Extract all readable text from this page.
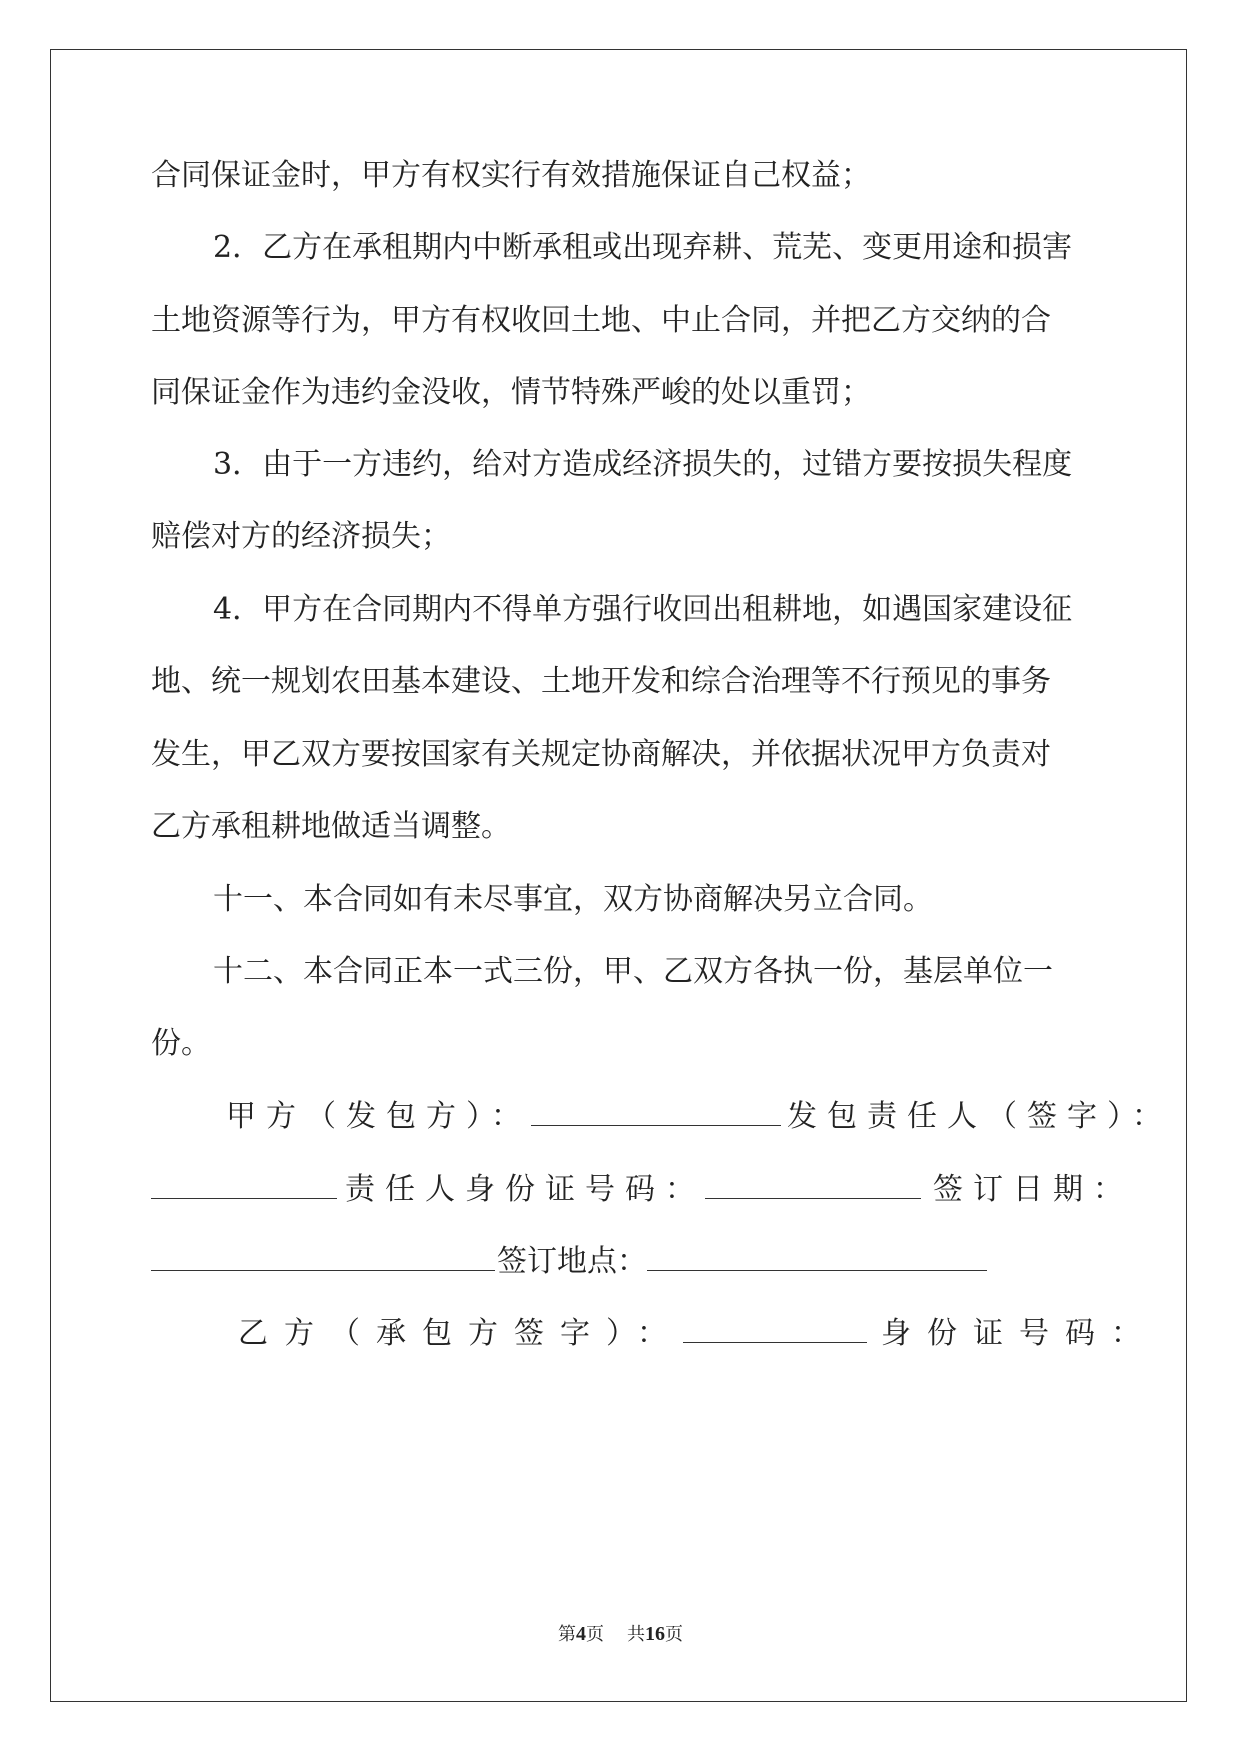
合同保证金时，甲方有权实行有效措施保证自己权益；

2．乙方在承租期内中断承租或出现弃耕、荒芜、变更用途和损害

土地资源等行为，甲方有权收回土地、中止合同，并把乙方交纳的合

同保证金作为违约金没收，情节特殊严峻的处以重罚；

3．由于一方违约，给对方造成经济损失的，过错方要按损失程度

赔偿对方的经济损失；

4．甲方在合同期内不得单方强行收回出租耕地，如遇国家建设征

地、统一规划农田基本建设、土地开发和综合治理等不行预见的事务

发生，甲乙双方要按国家有关规定协商解决，并依据状况甲方负责对

乙方承租耕地做适当调整。

十一、本合同如有未尽事宜，双方协商解决另立合同。

十二、本合同正本一式三份，甲、乙双方各执一份，基层单位一

份。

甲方（发包方）：	发包责任人（签字）：
责任人身份证号码：	签订日期：
签订地点：
乙方（承包方签字）：	身份证号码：
第4页 共16页
